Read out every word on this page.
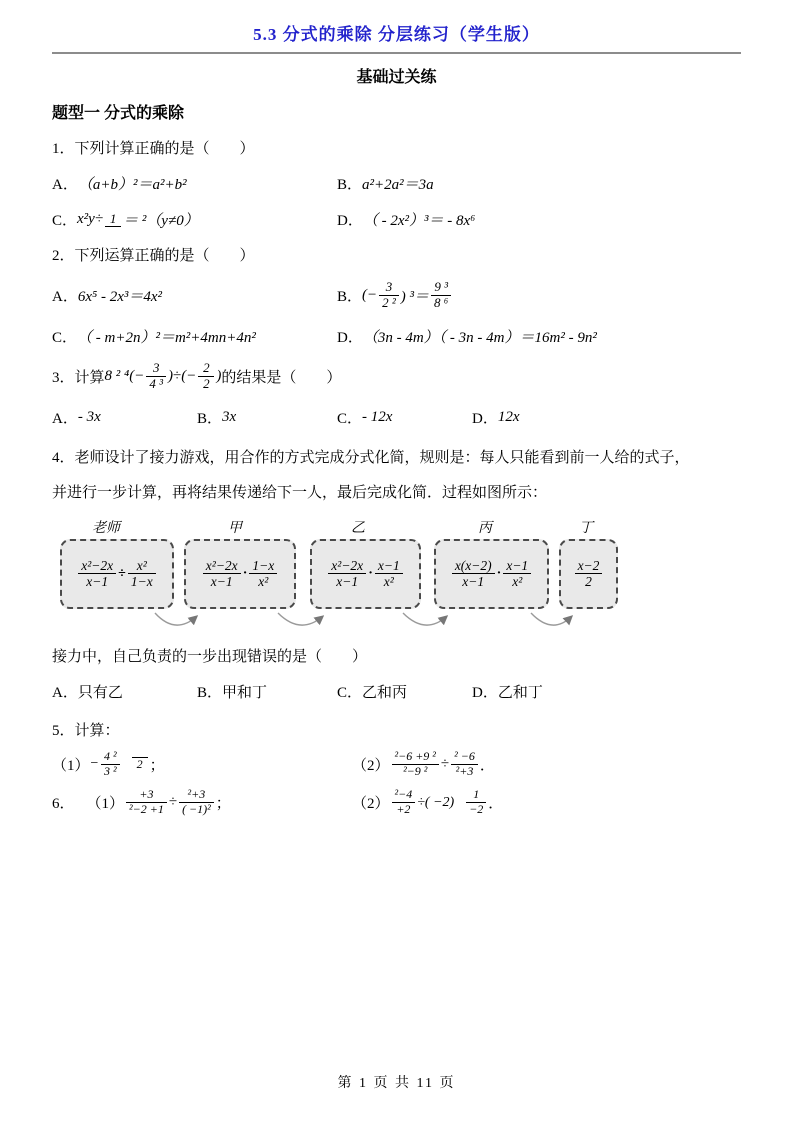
5.3 分式的乘除 分层练习（学生版）
基础过关练
题型一 分式的乘除
1．下列计算正确的是（　　）
A． （a+b）²＝a²+b²	B． a²+2a²＝3a
C． x²y÷ 1 ＝ ²（y≠0）	D． （ - 2x²）³＝ - 8x⁶
2．下列运算正确的是（　　）
A． 6x⁵ - 2x³＝4x²	B． (− $\frac{3}{\text{2 ²}}$ ) $^3= \frac{\text{9 ³}}{\text{8 ⁶}}$
C． （ - m+2n）²＝m²+4mn+4n²	D． （3n - 4m）（ - 3n - 4m）＝16m² - 9n²
3．计算 8 ² ⁴ (− $\frac{3}{\text{4 ³}}$ ) ÷ (− $\frac{2}{2}$ ) 的结果是（　　）
A． - 3x	B． 3x	C． - 12x	D． 12x
4．老师设计了接力游戏，用合作的方式完成分式化简，规则是：每人只能看到前一人给的式子，
并进行一步计算，再将结果传递给下一人，最后完成化简．过程如图所示：
老师	甲	乙	丙	丁
$\frac{\text{x²−2x}}{x-1} \div \frac{\text{x²}}{1-x}$	$\frac{\text{x²−2x}}{x-1} \cdot \frac{1-x}{\text{x²}}$	$\frac{\text{x²−2x}}{x-1} \cdot \frac{x-1}{\text{x²}}$	$\frac{x(x-2)}{x-1} \cdot \frac{x-1}{\text{x²}}$	$\frac{x-2}{2}$
接力中，自己负责的一步出现错误的是（　　）
A． 只有乙	B． 甲和丁	C． 乙和丙	D． 乙和丁
5．计算：
$(1) - \frac{\text{4 ²}}{\text{3 ²}}$	2 ；	$(2) \frac{\text{²−6 +9 ²}}{\text{²−9 ²}} \div \frac{\text{² −6}}{\text{²+3}}$ ．
6． $(1) \frac{+3}{\text{²−2 +1}} \div \frac{\text{²+3}}{\text{( −1)²}}$ ；	$(2) \frac{\text{²−4}}{+2}$ ÷( $-2) \frac{1}{-2}$ ．
第 1 页 共 11 页
